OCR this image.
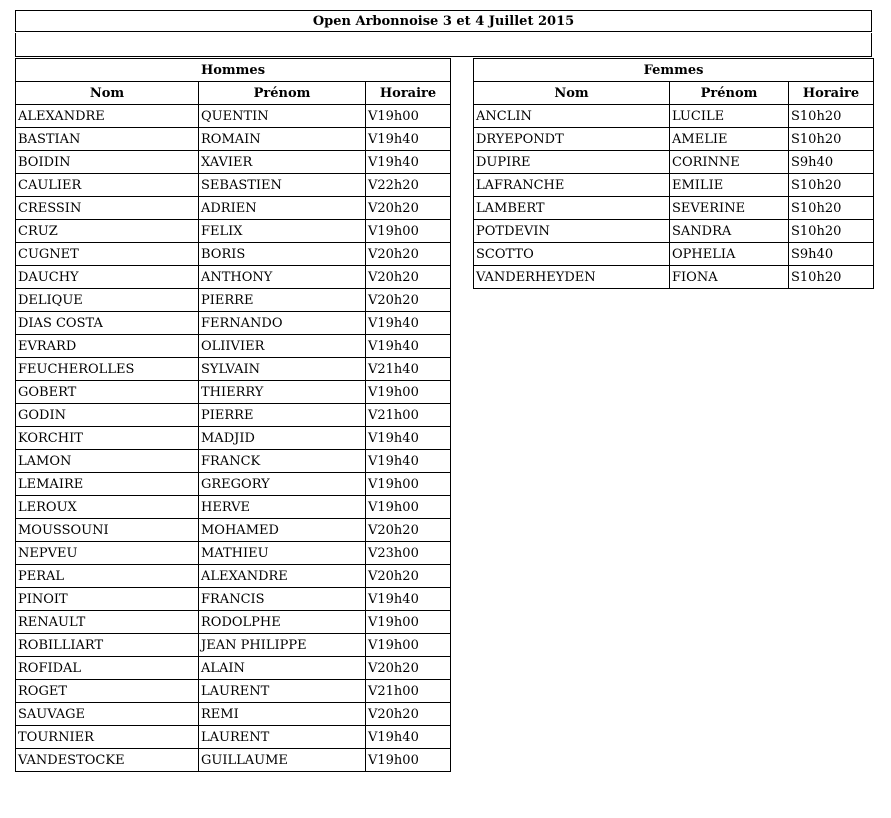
Open Arbonnoise 3 et 4 Juillet 2015
Hommes		
Nom	Prénom	Horaire
ALEXANDRE	QUENTIN	V19h00
BASTIAN	ROMAIN	V19h40
BOIDIN	XAVIER	V19h40
CAULIER	SEBASTIEN	V22h20
CRESSIN	ADRIEN	V20h20
CRUZ	FELIX	V19h00
CUGNET	BORIS	V20h20
DAUCHY	ANTHONY	V20h20
DELIQUE	PIERRE	V20h20
DIAS COSTA	FERNANDO	V19h40
EVRARD	OLIIVIER	V19h40
FEUCHEROLLES	SYLVAIN	V21h40
GOBERT	THIERRY	V19h00
GODIN	PIERRE	V21h00
KORCHIT	MADJID	V19h40
LAMON	FRANCK	V19h40
LEMAIRE	GREGORY	V19h00
LEROUX	HERVE	V19h00
MOUSSOUNI	MOHAMED	V20h20
NEPVEU	MATHIEU	V23h00
PERAL	ALEXANDRE	V20h20
PINOIT	FRANCIS	V19h40
RENAULT	RODOLPHE	V19h00
ROBILLIART	JEAN PHILIPPE	V19h00
ROFIDAL	ALAIN	V20h20
ROGET	LAURENT	V21h00
SAUVAGE	REMI	V20h20
TOURNIER	LAURENT	V19h40
VANDESTOCKE	GUILLAUME	V19h00
Femmes		
Nom	Prénom	Horaire
ANCLIN	LUCILE	S10h20
DRYEPONDT	AMELIE	S10h20
DUPIRE	CORINNE	S9h40
LAFRANCHE	EMILIE	S10h20
LAMBERT	SEVERINE	S10h20
POTDEVIN	SANDRA	S10h20
SCOTTO	OPHELIA	S9h40
VANDERHEYDEN	FIONA	S10h20
